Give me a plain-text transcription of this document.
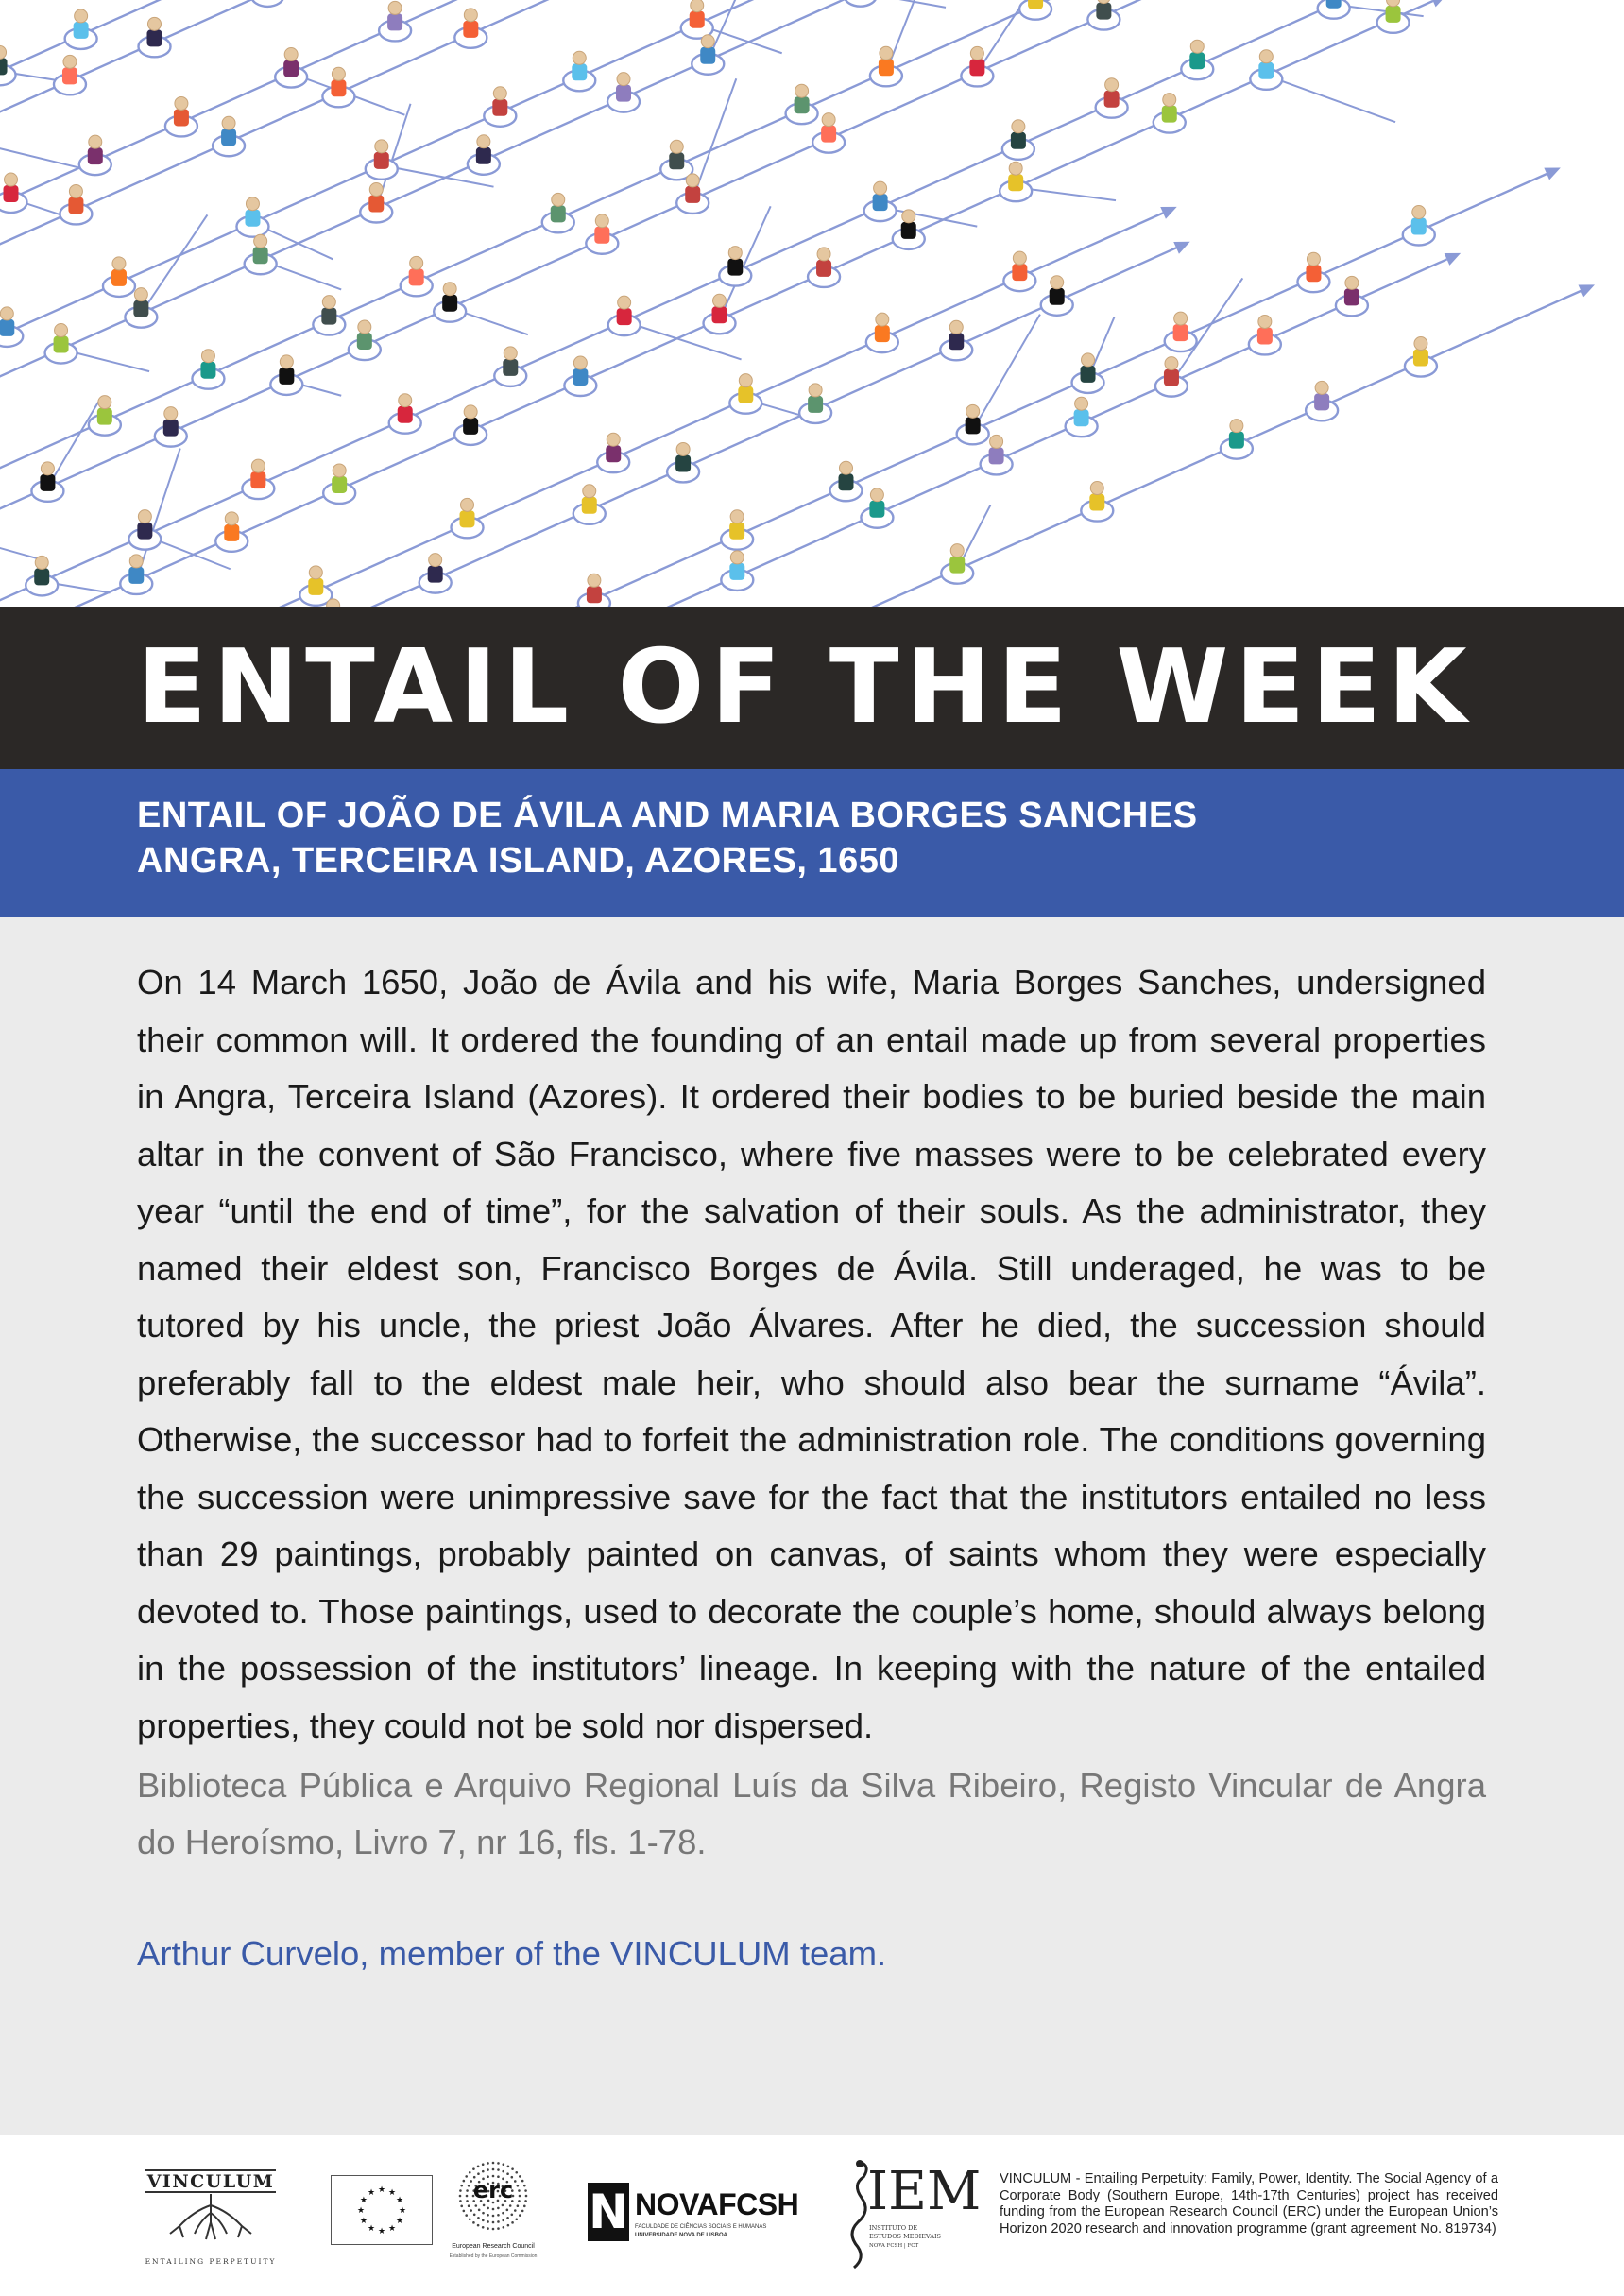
ENTAIL OF THE WEEK
ENTAIL OF JOÃO DE ÁVILA AND MARIA BORGES SANCHES
ANGRA, TERCEIRA ISLAND, AZORES, 1650

On 14 March 1650, João de Ávila and his wife, Maria Borges Sanches, undersigned their common will. It ordered the founding of an entail made up from several properties in Angra, Terceira Island (Azores). It ordered their bodies to be buried beside the main altar in the convent of São Francisco, where five masses were to be celebrated every year “until the end of time”, for the salvation of their souls. As the administrator, they named their eldest son, Francisco Borges de Ávila. Still underaged, he was to be tutored by his uncle, the priest João Álvares. After he died, the succession should preferably fall to the eldest male heir, who should also bear the surname “Ávila”. Otherwise, the successor had to forfeit the administration role. The conditions governing the succession were unimpressive save for the fact that the institutors entailed no less than 29 paintings, probably painted on canvas, of saints whom they were especially devoted to. Those paintings, used to decorate the couple’s home, should always belong in the possession of the institutors’ lineage. In keeping with the nature of the entailed properties, they could not be sold nor dispersed.

Biblioteca Pública e Arquivo Regional Luís da Silva Ribeiro, Registo Vincular de Angra do Heroísmo, Livro 7, nr 16, fls. 1-78.

Arthur Curvelo, member of the VINCULUM team.

ENTAILING PERPETUITY
VINCULUM
★
★
★
★
★
★
★
★
★ ★ ★
★	erc
European Research Council
Established by the European Commission
N NOVAFCSH
FACULDADE DE CIÊNCIAS SOCIAIS E HUMANAS
UNIVERSIDADE NOVA DE LISBOA
IEM
INSTITUTO DE
ESTUDOS MEDIEVAIS
NOVA FCSH | FCT

VINCULUM - Entailing Perpetuity: Family, Power, Identity. The Social Agency of a Corporate Body (Southern Europe, 14th-17th Centuries) project has received funding from the European Research Council (ERC) under the European Union’s Horizon 2020 research and innovation programme (grant agreement No. 819734)
